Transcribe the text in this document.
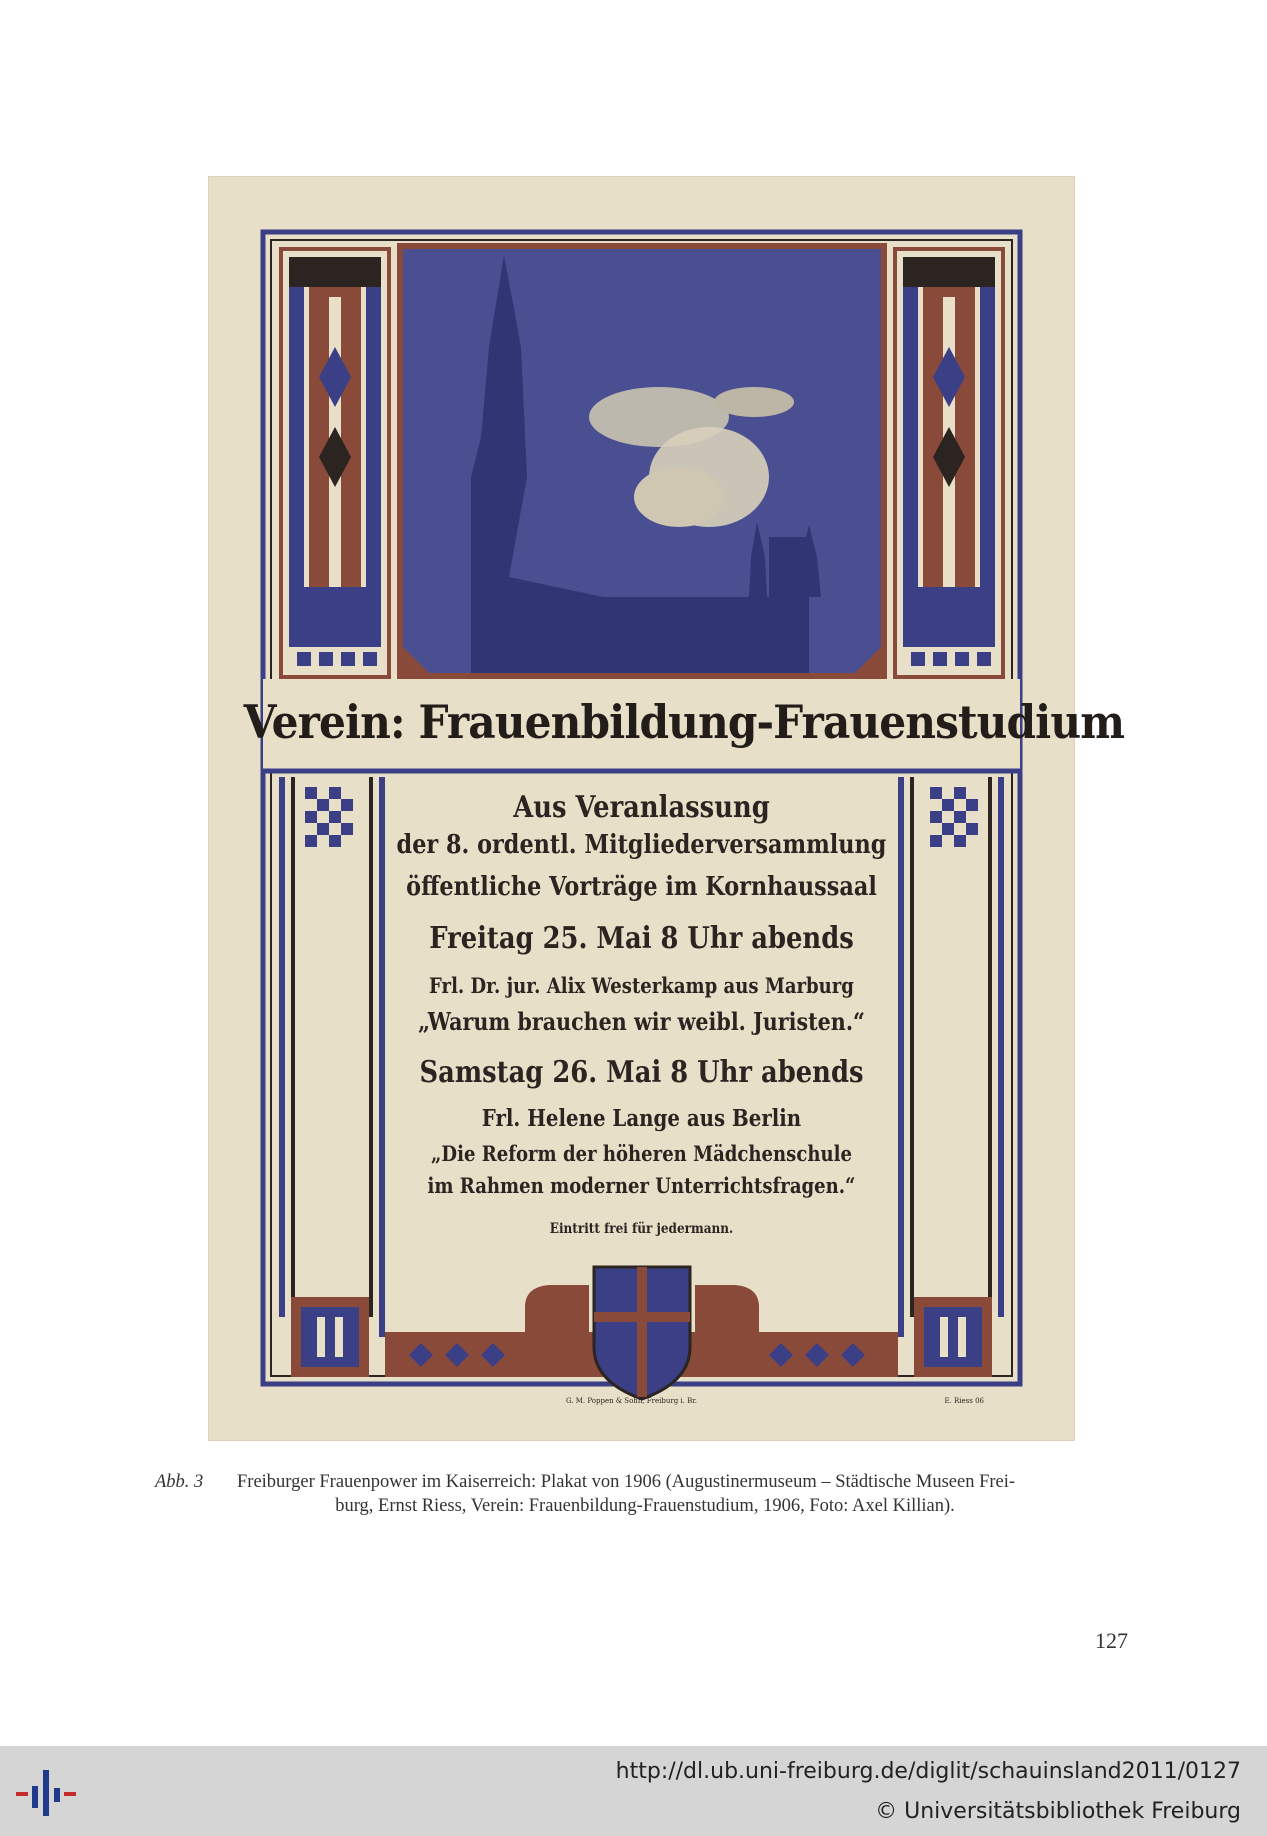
Verein: Frauenbildung-Frauenstudium
Aus Veranlassung
der 8. ordentl. Mitgliederversammlung
öffentliche Vorträge im Kornhaussaal
Freitag 25. Mai 8 Uhr abends
Frl. Dr. jur. Alix Westerkamp aus Marburg
„Warum brauchen wir weibl. Juristen.“
Samstag 26. Mai 8 Uhr abends
Frl. Helene Lange aus Berlin
„Die Reform der höheren Mädchenschule
im Rahmen moderner Unterrichtsfragen.“
Eintritt frei für jedermann.
G. M. Poppen & Sohn, Freiburg i. Br.	E. Riess 06
Abb. 3 Freiburger Frauenpower im Kaiserreich: Plakat von 1906 (Augustinermuseum – Städtische Museen Frei-
burg, Ernst Riess, Verein: Frauenbildung-Frauenstudium, 1906, Foto: Axel Killian).
127
http://dl.ub.uni-freiburg.de/diglit/schauinsland2011/0127
© Universitätsbibliothek Freiburg
